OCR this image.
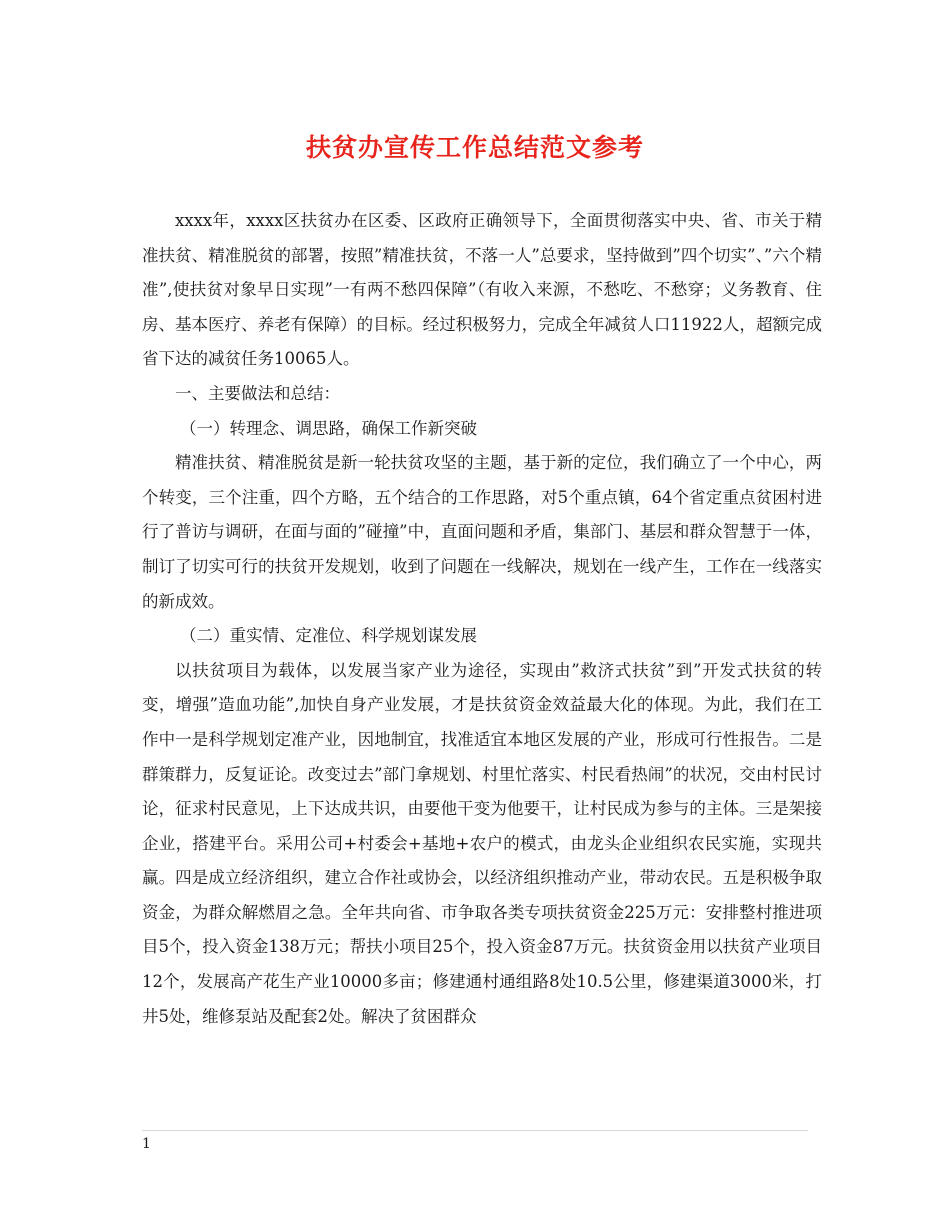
扶贫办宣传工作总结范文参考

xxxx年，xxxx区扶贫办在区委、区政府正确领导下，全面贯彻落实中央、省、市关于精准扶贫、精准脱贫的部署，按照”精准扶贫，不落一人”总要求，坚持做到”四个切实”、”六个精准”,使扶贫对象早日实现”一有两不愁四保障”（有收入来源，不愁吃、不愁穿；义务教育、住房、基本医疗、养老有保障）的目标。经过积极努力，完成全年减贫人口11922人，超额完成省下达的减贫任务10065人。

一、主要做法和总结：

（一）转理念、调思路，确保工作新突破

精准扶贫、精准脱贫是新一轮扶贫攻坚的主题，基于新的定位，我们确立了一个中心，两个转变，三个注重，四个方略，五个结合的工作思路，对5个重点镇，64个省定重点贫困村进行了普访与调研，在面与面的”碰撞”中，直面问题和矛盾，集部门、基层和群众智慧于一体，制订了切实可行的扶贫开发规划，收到了问题在一线解决，规划在一线产生，工作在一线落实的新成效。

（二）重实情、定准位、科学规划谋发展

以扶贫项目为载体，以发展当家产业为途径，实现由”救济式扶贫”到”开发式扶贫的转变，增强”造血功能”,加快自身产业发展，才是扶贫资金效益最大化的体现。为此，我们在工作中一是科学规划定准产业，因地制宜，找准适宜本地区发展的产业，形成可行性报告。二是群策群力，反复证论。改变过去”部门拿规划、村里忙落实、村民看热闹”的状况，交由村民讨论，征求村民意见，上下达成共识，由要他干变为他要干，让村民成为参与的主体。三是架接企业，搭建平台。采用公司+村委会+基地+农户的模式，由龙头企业组织农民实施，实现共赢。四是成立经济组织，建立合作社或协会，以经济组织推动产业，带动农民。五是积极争取资金，为群众解燃眉之急。全年共向省、市争取各类专项扶贫资金225万元：安排整村推进项目5个，投入资金138万元；帮扶小项目25个，投入资金87万元。扶贫资金用以扶贫产业项目12个，发展高产花生产业10000多亩；修建通村通组路8处10.5公里，修建渠道3000米，打井5处，维修泵站及配套2处。解决了贫困群众

1
